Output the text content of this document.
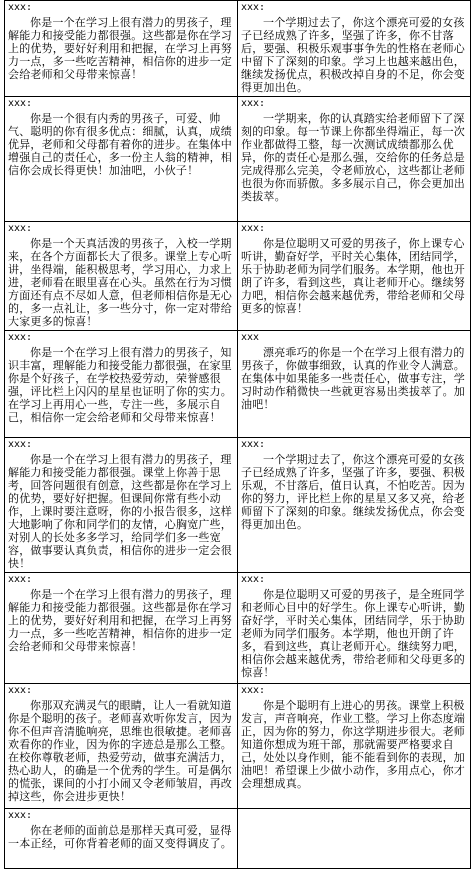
xxx:
你是一个在学习上很有潜力的男孩子，理解能力和接受能力都很强。这些都是你在学习上的优势，要好好利用和把握，在学习上再努力一点，多一些吃苦精神，相信你的进步一定会给老师和父母带来惊喜！	xxx:
一个学期过去了，你这个漂亮可爱的女孩子已经成熟了许多，坚强了许多，你不甘落后，要强、积极乐观事事争先的性格在老师心中留下了深刻的印象。学习上也越来越出色，继续发扬优点，积极改掉自身的不足，你会变得更加出色。

xxx:
你是一个很有内秀的男孩子，可爱、帅气、聪明的你有很多优点：细腻，认真，成绩优异，老师和父母都有着你的进步。在集体中增强自己的责任心，多一份主人翁的精神，相信你会成长得更快！加油吧，小伙子！	xxx:
一学期来，你的认真踏实给老师留下了深刻的印象。每一节课上你都坐得端正，每一次作业都做得工整，每一次测试成绩都那么优异，你的责任心是那么强，交给你的任务总是完成得那么完美，令老师放心，这些都让老师也很为你而骄傲。多多展示自己，你会更加出类拔萃。

xxx:
你是一个天真活泼的男孩子，入校一学期来，在各个方面都长大了很多。课堂上专心听讲，坐得端，能积极思考，学习用心，力求上进，老师看在眼里喜在心头。虽然在行为习惯方面还有点不尽如人意，但老师相信你是无心的，多一点礼让，多一些分寸，你一定对带给大家更多的惊喜！	xxx:
你是位聪明又可爱的男孩子，你上课专心听讲，勤奋好学，平时关心集体，团结同学，乐于协助老师为同学们服务。本学期，他也开朗了许多，看到这些，真让老师开心。继续努力吧，相信你会越来越优秀，带给老师和父母更多的惊喜！

xxx:
你是一个在学习上很有潜力的男孩子，知识丰富，理解能力和接受能力都很强，在家里你是个好孩子，在学校热爱劳动，荣誉感很强，评比栏上闪闪的星星也证明了你的实力。在学习上再用心一些，专注一些，多展示自己，相信你一定会给老师和父母带来惊喜！	xxx
漂亮乖巧的你是一个在学习上很有潜力的男孩子，你做事细致，认真的作业令人满意。在集体中如果能多一些责任心，做事专注，学习时动作稍微快一些就更容易出类拔萃了。加油吧！

xxx:
你是一个在学习上很有潜力的男孩子，理解能力和接受能力都很强。课堂上你善于思考，回答问题很有创意，这些都是你在学习上的优势，要好好把握。但课间你常有些小动作，上课时要注意呀，你的小报告很多，这样大地影响了你和同学们的友情，心胸宽广些，对别人的长处多多学习，给同学们多一些宽容，做事要认真负责，相信你的进步一定会很快！	xxx:
一个学期过去了，你这个漂亮可爱的女孩子已经成熟了许多，坚强了许多，要强、积极乐观，不甘落后，值日认真，不怕吃苦。因为你的努力，评比栏上你的星星又多又亮，给老师留下了深刻的印象。继续发扬优点，你会变得更加出色。

xxx:
你是一个在学习上很有潜力的男孩子，理解能力和接受能力都很强。这些都是你在学习上的优势，要好好利用和把握，在学习上再努力一点，多一些吃苦精神，相信你的进步一定会给老师和父母带来惊喜！	xxx:
你是位聪明又可爱的男孩子，是全班同学和老师心目中的好学生。你上课专心听讲，勤奋好学，平时关心集体，团结同学，乐于协助老师为同学们服务。本学期，他也开朗了许多，看到这些，真让老师开心。继续努力吧，相信你会越来越优秀，带给老师和父母更多的惊喜！

xxx:
你那双充满灵气的眼睛，让人一看就知道你是个聪明的孩子。老师喜欢听你发言，因为你不但声音清脆响亮，思维也很敏捷。老师喜欢看你的作业，因为你的字迹总是那么工整。在校你尊敬老师，热爱劳动，做事充满活力，热心助人，的确是一个优秀的学生。可是偶尔的慌张，课间的小打小闹又令老师皱眉，再改掉这些，你会进步更快！	xxx:
你是个聪明有上进心的男孩。课堂上积极发言，声音响亮，作业工整。学习上你态度端正，因为你的努力，你这学期进步很大。老师知道你想成为班干部，那就需要严格要求自己，处处以身作则，能不能看到你的表现，加油吧！希望课上少做小动作，多用点心，你才会理想成真。

xxx:
你在老师的面前总是那样天真可爱，显得一本正经，可你背着老师的面又变得调皮了。	
